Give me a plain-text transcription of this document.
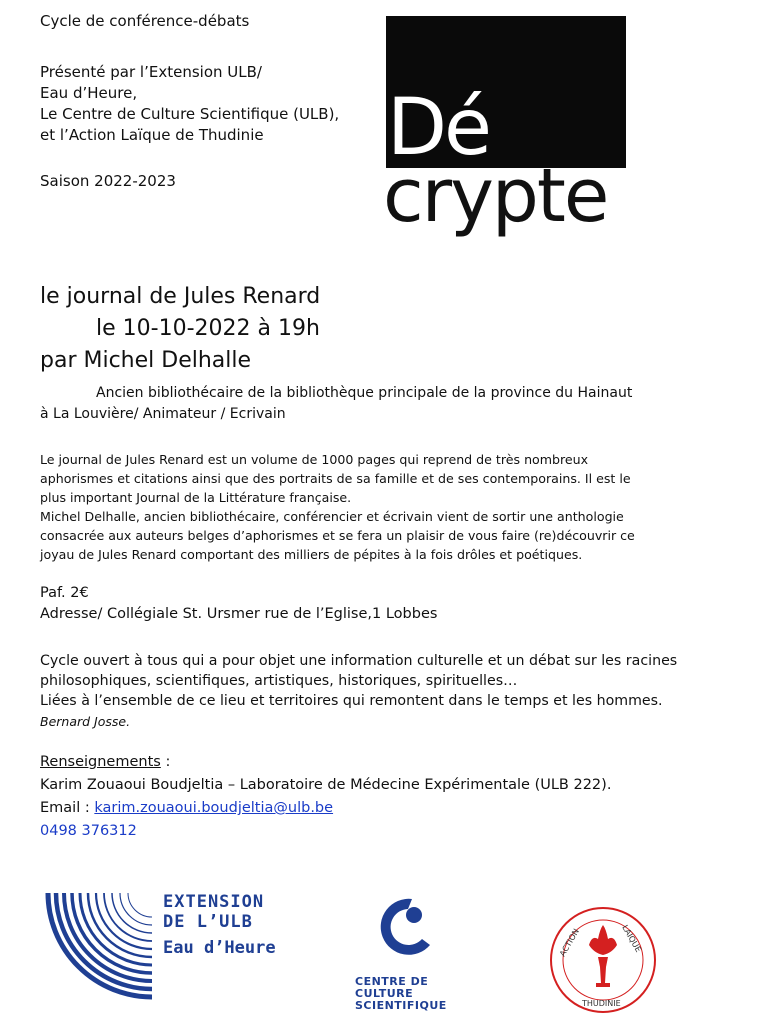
Cycle de conférence-débats
Présenté par l’Extension ULB/
Eau d’Heure,
Le Centre de Culture Scientifique (ULB),
et l’Action Laïque de Thudinie
Saison 2022-2023
Dé
crypte
le journal de Jules Renard
le 10-10-2022 à 19h
par Michel Delhalle
Ancien bibliothécaire de la bibliothèque principale de la province du Hainaut
à La Louvière/ Animateur / Ecrivain
Le journal de Jules Renard est un volume de 1000 pages qui reprend de très nombreux
aphorismes et citations ainsi que des portraits de sa famille et de ses contemporains. Il est le
plus important Journal de la Littérature française.
Michel Delhalle, ancien bibliothécaire, conférencier et écrivain vient de sortir une anthologie
consacrée aux auteurs belges d’aphorismes et se fera un plaisir de vous faire (re)découvrir ce
joyau de Jules Renard comportant des milliers de pépites à la fois drôles et poétiques.
Paf. 2€
Adresse/ Collégiale St. Ursmer rue de l’Eglise,1 Lobbes
Cycle ouvert à tous qui a pour objet une information culturelle et un débat sur les racines
philosophiques, scientifiques, artistiques, historiques, spirituelles…
Liées à l’ensemble de ce lieu et territoires qui remontent dans le temps et les hommes.
Bernard Josse.
Renseignements :
Karim Zouaoui Boudjeltia – Laboratoire de Médecine Expérimentale (ULB 222).
Email : karim.zouaoui.boudjeltia@ulb.be
0498 376312
EXTENSION
DE L’ULB
Eau d’Heure
CENTRE DE
CULTURE
SCIENTIFIQUE
ACTION	LAIQUE
THUDINIE
